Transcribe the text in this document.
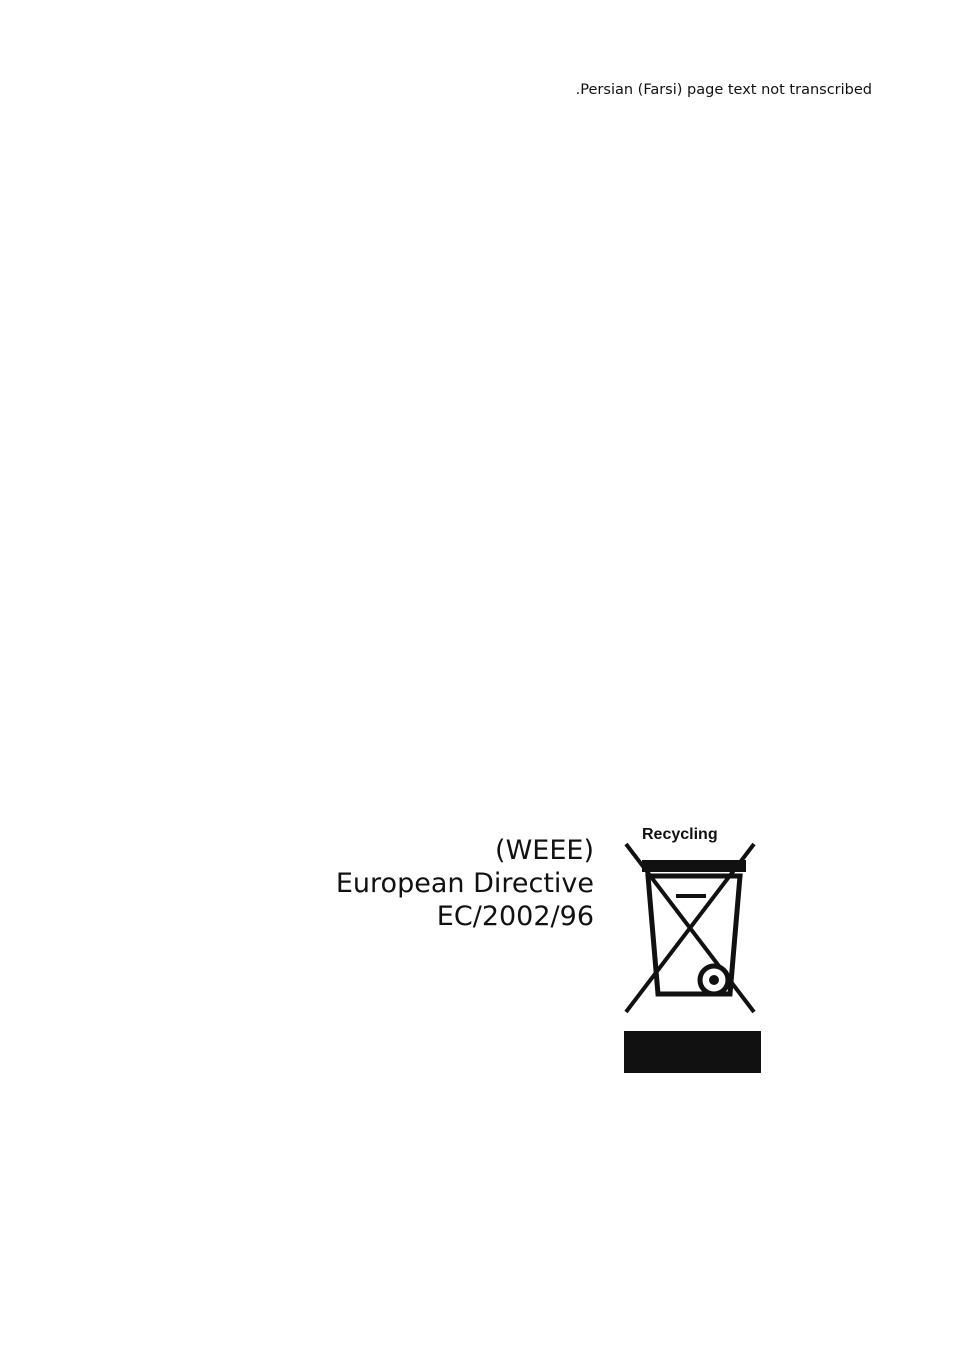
Persian (Farsi) page text not transcribed.

Recycling
(WEEE)
European Directive
2002/96/EC
